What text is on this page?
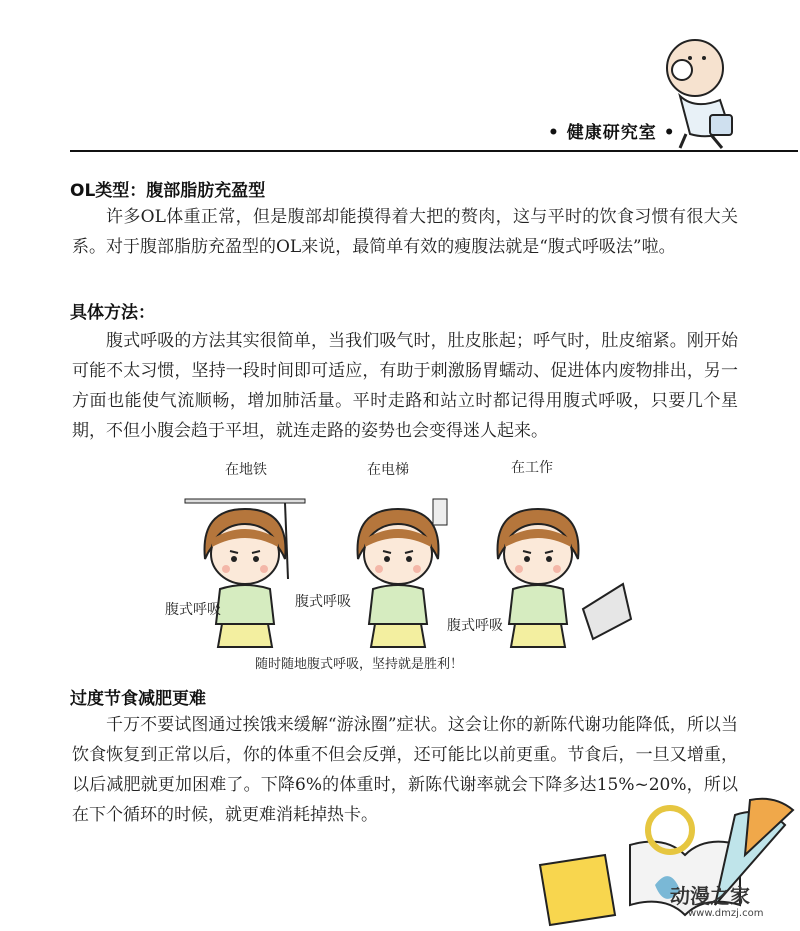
• 健康研究室 •
OL类型：腹部脂肪充盈型
许多OL体重正常，但是腹部却能摸得着大把的赘肉，这与平时的饮食习惯有很大关系。对于腹部脂肪充盈型的OL来说，最简单有效的瘦腹法就是“腹式呼吸法”啦。
具体方法：
腹式呼吸的方法其实很简单，当我们吸气时，肚皮胀起；呼气时，肚皮缩紧。刚开始可能不太习惯，坚持一段时间即可适应，有助于刺激肠胃蠕动、促进体内废物排出，另一方面也能使气流顺畅，增加肺活量。平时走路和站立时都记得用腹式呼吸，只要几个星期，不但小腹会趋于平坦，就连走路的姿势也会变得迷人起来。
在地铁	在电梯	在工作
腹式呼吸	腹式呼吸
腹式呼吸
随时随地腹式呼吸，坚持就是胜利！
过度节食减肥更难
千万不要试图通过挨饿来缓解“游泳圈”症状。这会让你的新陈代谢功能降低，所以当饮食恢复到正常以后，你的体重不但会反弹，还可能比以前更重。节食后，一旦又增重，以后减肥就更加困难了。下降6%的体重时，新陈代谢率就会下降多达15%~20%，所以在下个循环的时候，就更难消耗掉热卡。
动漫之家
www.dmzj.com
